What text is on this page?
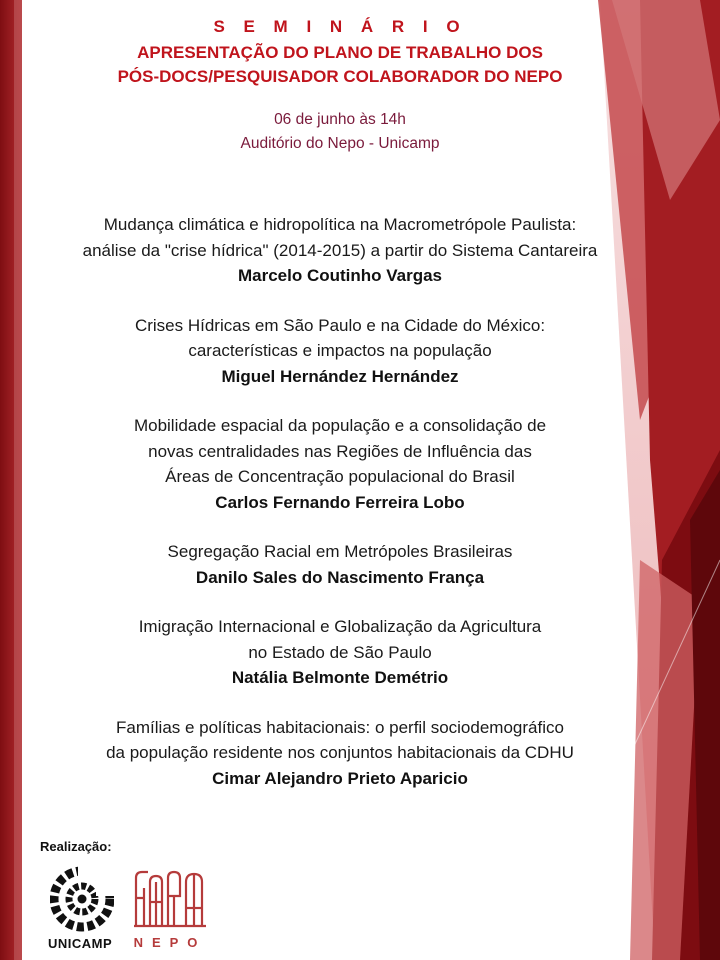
S E M I N Á R I O
APRESENTAÇÃO DO PLANO DE TRABALHO DOS
PÓS-DOCS/PESQUISADOR COLABORADOR DO NEPO
06 de junho às 14h
Auditório do Nepo - Unicamp
Mudança climática e hidropolítica na Macrometrópole Paulista:
análise da "crise hídrica" (2014-2015) a partir do Sistema Cantareira
Marcelo Coutinho Vargas
Crises Hídricas em São Paulo e na Cidade do México:
características e impactos na população
Miguel Hernández Hernández
Mobilidade espacial da população e a consolidação de
novas centralidades nas Regiões de Influência das
Áreas de Concentração populacional do Brasil
Carlos Fernando Ferreira Lobo
Segregação Racial em Metrópoles Brasileiras
Danilo Sales do Nascimento França
Imigração Internacional e Globalização da Agricultura
no Estado de São Paulo
Natália Belmonte Demétrio
Famílias e políticas habitacionais: o perfil sociodemográfico
da população residente nos conjuntos habitacionais da CDHU
Cimar Alejandro Prieto Aparicio
Realização:
UNICAMP NEPO
